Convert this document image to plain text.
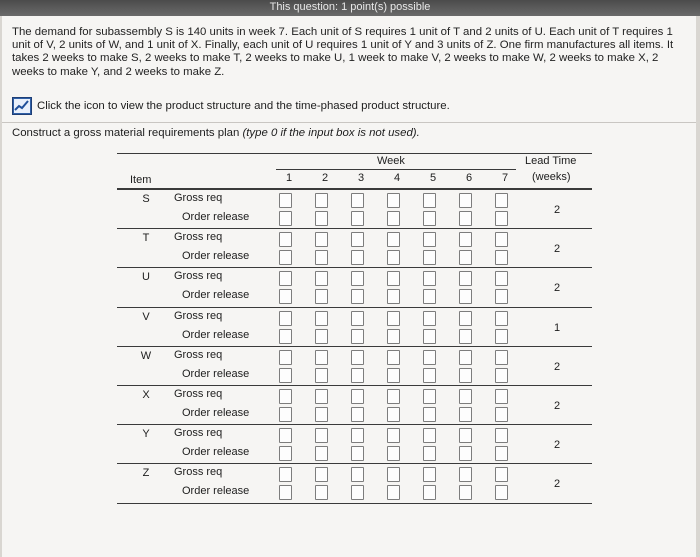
This question: 1 point(s) possible
The demand for subassembly S is 140 units in week 7. Each unit of S requires 1 unit of T and 2 units of U. Each unit of T requires 1 unit of V, 2 units of W, and 1 unit of X. Finally, each unit of U requires 1 unit of Y and 3 units of Z. One firm manufactures all items. It takes 2 weeks to make S, 2 weeks to make T, 2 weeks to make U, 1 week to make V, 2 weeks to make W, 2 weeks to make X, 2 weeks to make Y, and 2 weeks to make Z.
Click the icon to view the product structure and the time-phased product structure.
Construct a gross material requirements plan (type 0 if the input box is not used).
Week	Lead Time
(weeks)
Item	1	2	3	4	5	6	7
S	Gross req
Order release
2
T	Gross req
Order release
2
U	Gross req
Order release
2
V	Gross req
Order release
1
W	Gross req
Order release
2
X	Gross req
Order release
2
Y	Gross req
Order release
2
Z	Gross req
Order release
2
